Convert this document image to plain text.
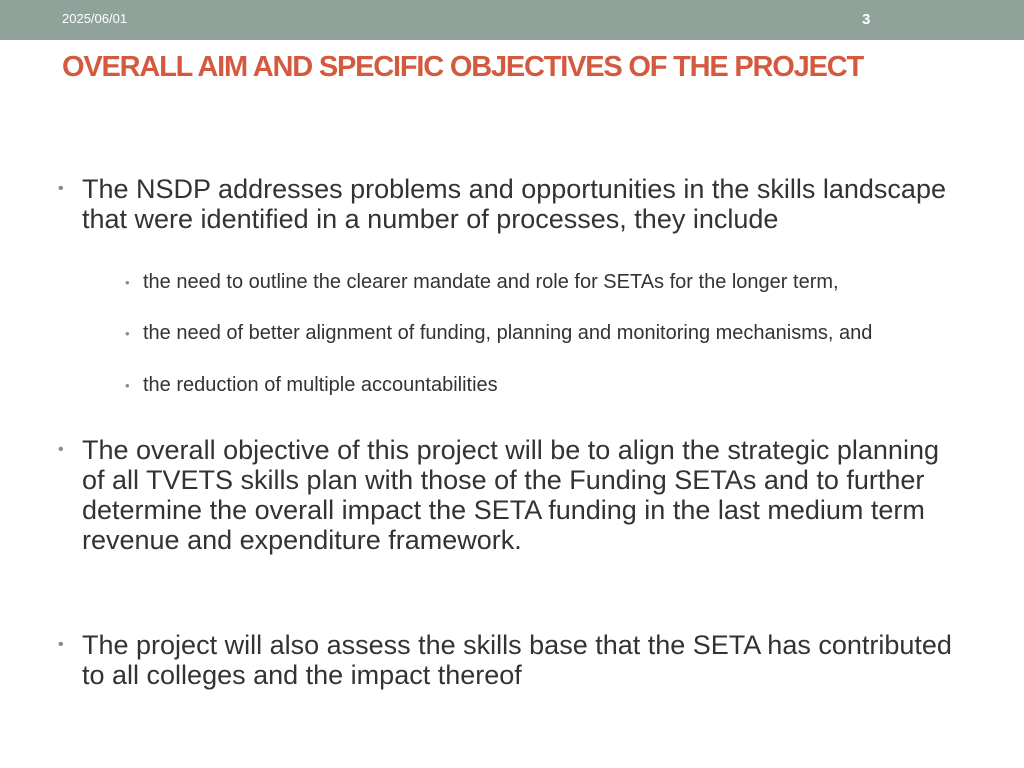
2025/06/01	3
OVERALL AIM AND SPECIFIC OBJECTIVES OF THE PROJECT

• The NSDP addresses problems and opportunities in the skills landscape that were identified in a number of processes, they include

• the need to outline the clearer mandate and role for SETAs for the longer term,

• the need of better alignment of funding, planning and monitoring mechanisms, and

• the reduction of multiple accountabilities

• The overall objective of this project will be to align the strategic planning of all TVETS skills plan with those of the Funding SETAs and to further determine the overall impact the SETA funding in the last medium term revenue and expenditure framework.

• The project will also assess the skills base that the SETA has contributed to all colleges and the impact thereof
